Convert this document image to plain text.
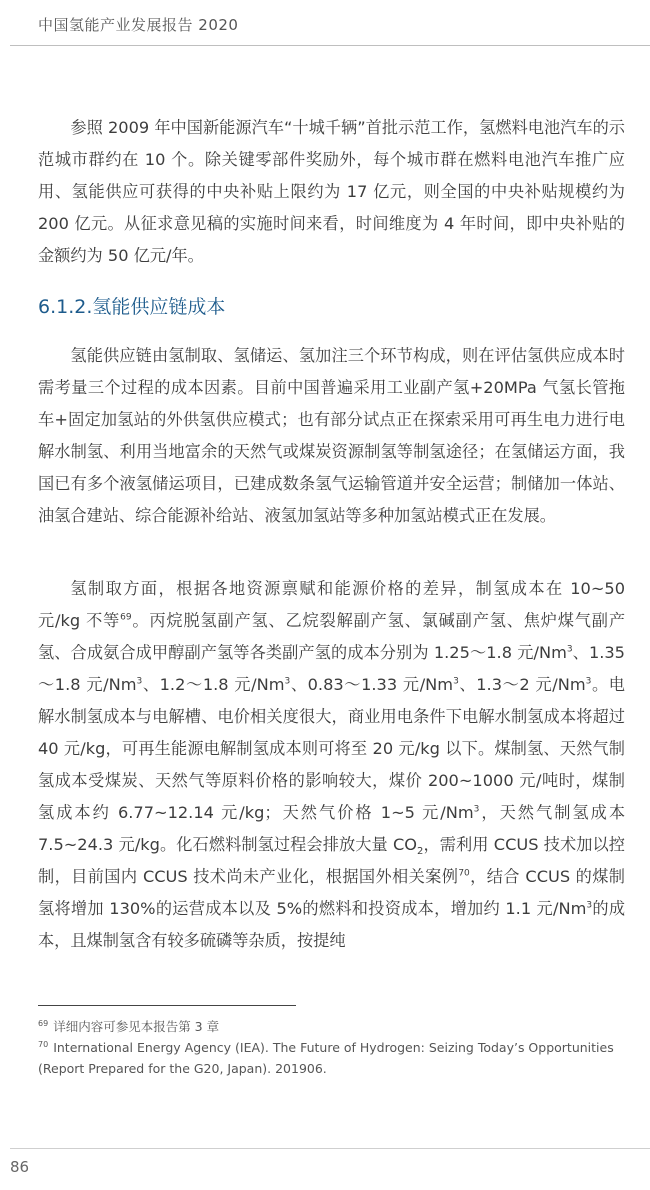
中国氢能产业发展报告 2020

参照 2009 年中国新能源汽车“十城千辆”首批示范工作，氢燃料电池汽车的示范城市群约在 10 个。除关键零部件奖励外，每个城市群在燃料电池汽车推广应用、氢能供应可获得的中央补贴上限约为 17 亿元，则全国的中央补贴规模约为 200 亿元。从征求意见稿的实施时间来看，时间维度为 4 年时间，即中央补贴的金额约为 50 亿元/年。

6.1.2.氢能供应链成本

氢能供应链由氢制取、氢储运、氢加注三个环节构成，则在评估氢供应成本时需考量三个过程的成本因素。目前中国普遍采用工业副产氢+20MPa 气氢长管拖车+固定加氢站的外供氢供应模式；也有部分试点正在探索采用可再生电力进行电解水制氢、利用当地富余的天然气或煤炭资源制氢等制氢途径；在氢储运方面，我国已有多个液氢储运项目，已建成数条氢气运输管道并安全运营；制储加一体站、油氢合建站、综合能源补给站、液氢加氢站等多种加氢站模式正在发展。

氢制取方面，根据各地资源禀赋和能源价格的差异，制氢成本在 10~50 元/kg 不等$^{69}$。丙烷脱氢副产氢、乙烷裂解副产氢、氯碱副产氢、焦炉煤气副产氢、合成氨合成甲醇副产氢等各类副产氢的成本分别为 1.25～1.8 元/Nm$^3$、1.35～1.8 元/Nm$^3$、1.2～1.8 元/Nm$^3$、0.83～1.33 元/Nm$^3$、1.3～2 元/Nm$^3$。电解水制氢成本与电解槽、电价相关度很大，商业用电条件下电解水制氢成本将超过 40 元/kg，可再生能源电解制氢成本则可将至 20 元/kg 以下。煤制氢、天然气制氢成本受煤炭、天然气等原料价格的影响较大，煤价 200~1000 元/吨时，煤制氢成本约 6.77~12.14 元/kg；天然气价格 1~5 元/Nm$^3$，天然气制氢成本 7.5~24.3 元/kg。化石燃料制氢过程会排放大量 $CO_2$，需利用 CCUS 技术加以控制，目前国内 CCUS 技术尚未产业化，根据国外相关案例$^{70}$，结合 CCUS 的煤制氢将增加 130%的运营成本以及 5%的燃料和投资成本，增加约 1.1 元/Nm$^3$的成本，且煤制氢含有较多硫磷等杂质，按提纯

$^{69}$ 详细内容可参见本报告第 3 章

$^{70}$ International Energy Agency (IEA). The Future of Hydrogen: Seizing Today’s Opportunities (Report Prepared for the G20, Japan). 201906.

86
